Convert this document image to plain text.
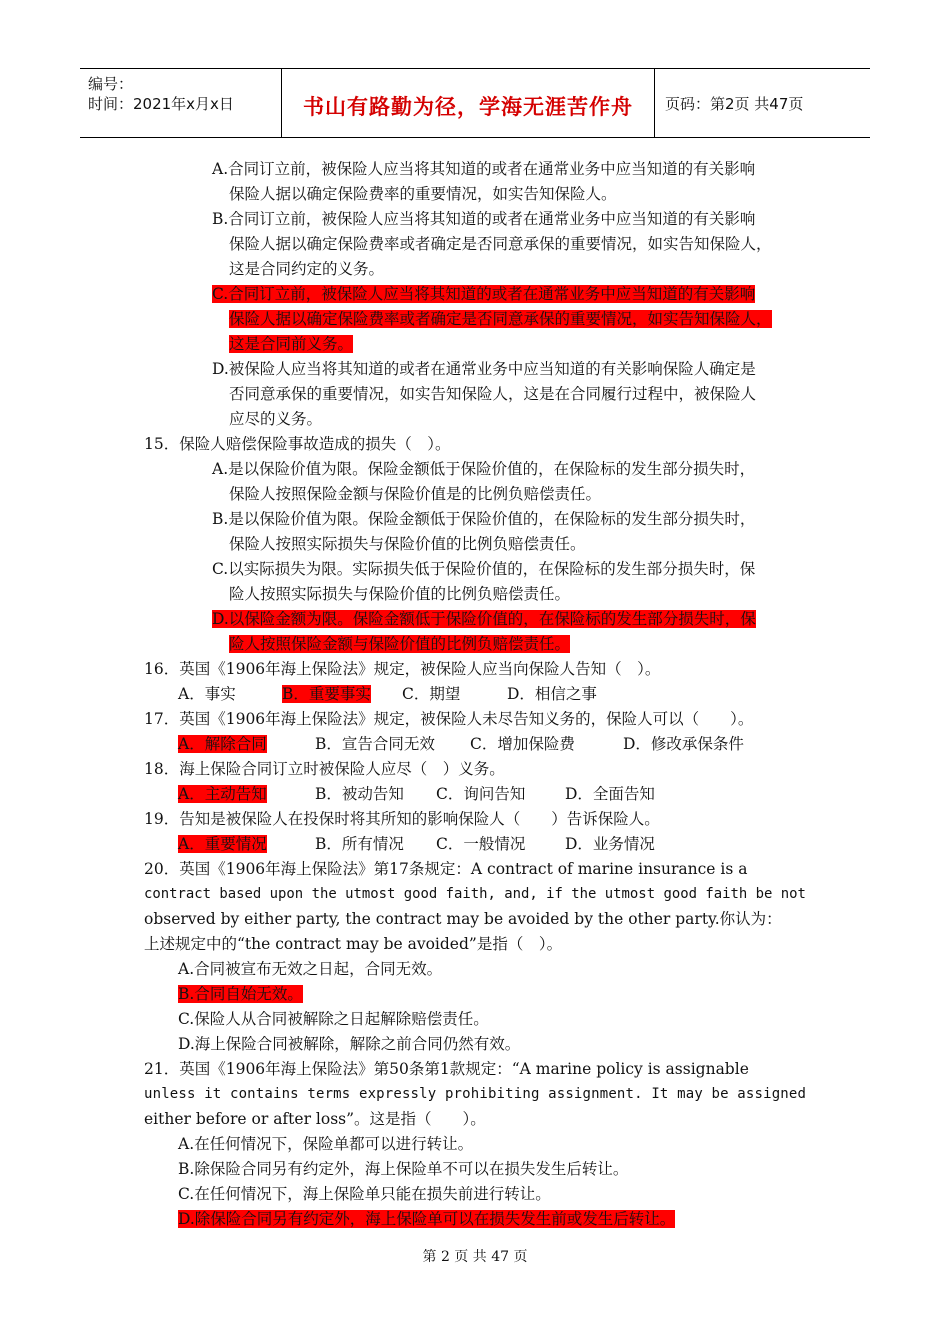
编号：
时间：2021年x月x日	书山有路勤为径，学海无涯苦作舟	页码：第2页 共47页
A.合同订立前，被保险人应当将其知道的或者在通常业务中应当知道的有关影响
保险人据以确定保险费率的重要情况，如实告知保险人。
B.合同订立前，被保险人应当将其知道的或者在通常业务中应当知道的有关影响
保险人据以确定保险费率或者确定是否同意承保的重要情况，如实告知保险人，
这是合同约定的义务。
C.合同订立前，被保险人应当将其知道的或者在通常业务中应当知道的有关影响
保险人据以确定保险费率或者确定是否同意承保的重要情况，如实告知保险人，
这是合同前义务。
D.被保险人应当将其知道的或者在通常业务中应当知道的有关影响保险人确定是
否同意承保的重要情况，如实告知保险人，这是在合同履行过程中，被保险人
应尽的义务。
15．保险人赔偿保险事故造成的损失（　）。
A.是以保险价值为限。保险金额低于保险价值的，在保险标的发生部分损失时，
保险人按照保险金额与保险价值是的比例负赔偿责任。
B.是以保险价值为限。保险金额低于保险价值的，在保险标的发生部分损失时，
保险人按照实际损失与保险价值的比例负赔偿责任。
C.以实际损失为限。实际损失低于保险价值的，在保险标的发生部分损失时，保
险人按照实际损失与保险价值的比例负赔偿责任。
D.以保险金额为限。保险金额低于保险价值的，在保险标的发生部分损失时，保
险人按照保险金额与保险价值的比例负赔偿责任。
16．英国《1906年海上保险法》规定，被保险人应当向保险人告知（　）。
A．事实	B．重要事实 C．期望	D．相信之事
17．英国《1906年海上保险法》规定，被保险人未尽告知义务的，保险人可以（　　）。
A．解除合同	B．宣告合同无效 C．增加保险费	D．修改承保条件
18．海上保险合同订立时被保险人应尽（　）义务。
A．主动告知	B．被动告知 C．询问告知	D．全面告知
19．告知是被保险人在投保时将其所知的影响保险人（　　）告诉保险人。
A．重要情况	B．所有情况 C．一般情况	D．业务情况
20．英国《1906年海上保险法》第17条规定：A contract of marine insurance is a
contract based upon the utmost good faith, and, if the utmost good faith be not
observed by either party, the contract may be avoided by the other party.你认为：
上述规定中的“the contract may be avoided”是指（　）。
A.合同被宣布无效之日起，合同无效。
B.合同自始无效。
C.保险人从合同被解除之日起解除赔偿责任。
D.海上保险合同被解除，解除之前合同仍然有效。
21．英国《1906年海上保险法》第50条第1款规定：“A marine policy is assignable
unless it contains terms expressly prohibiting assignment. It may be assigned
either before or after loss”。这是指（　　）。
A.在任何情况下，保险单都可以进行转让。
B.除保险合同另有约定外，海上保险单不可以在损失发生后转让。
C.在任何情况下，海上保险单只能在损失前进行转让。
D.除保险合同另有约定外，海上保险单可以在损失发生前或发生后转让。
第 2 页 共 47 页
